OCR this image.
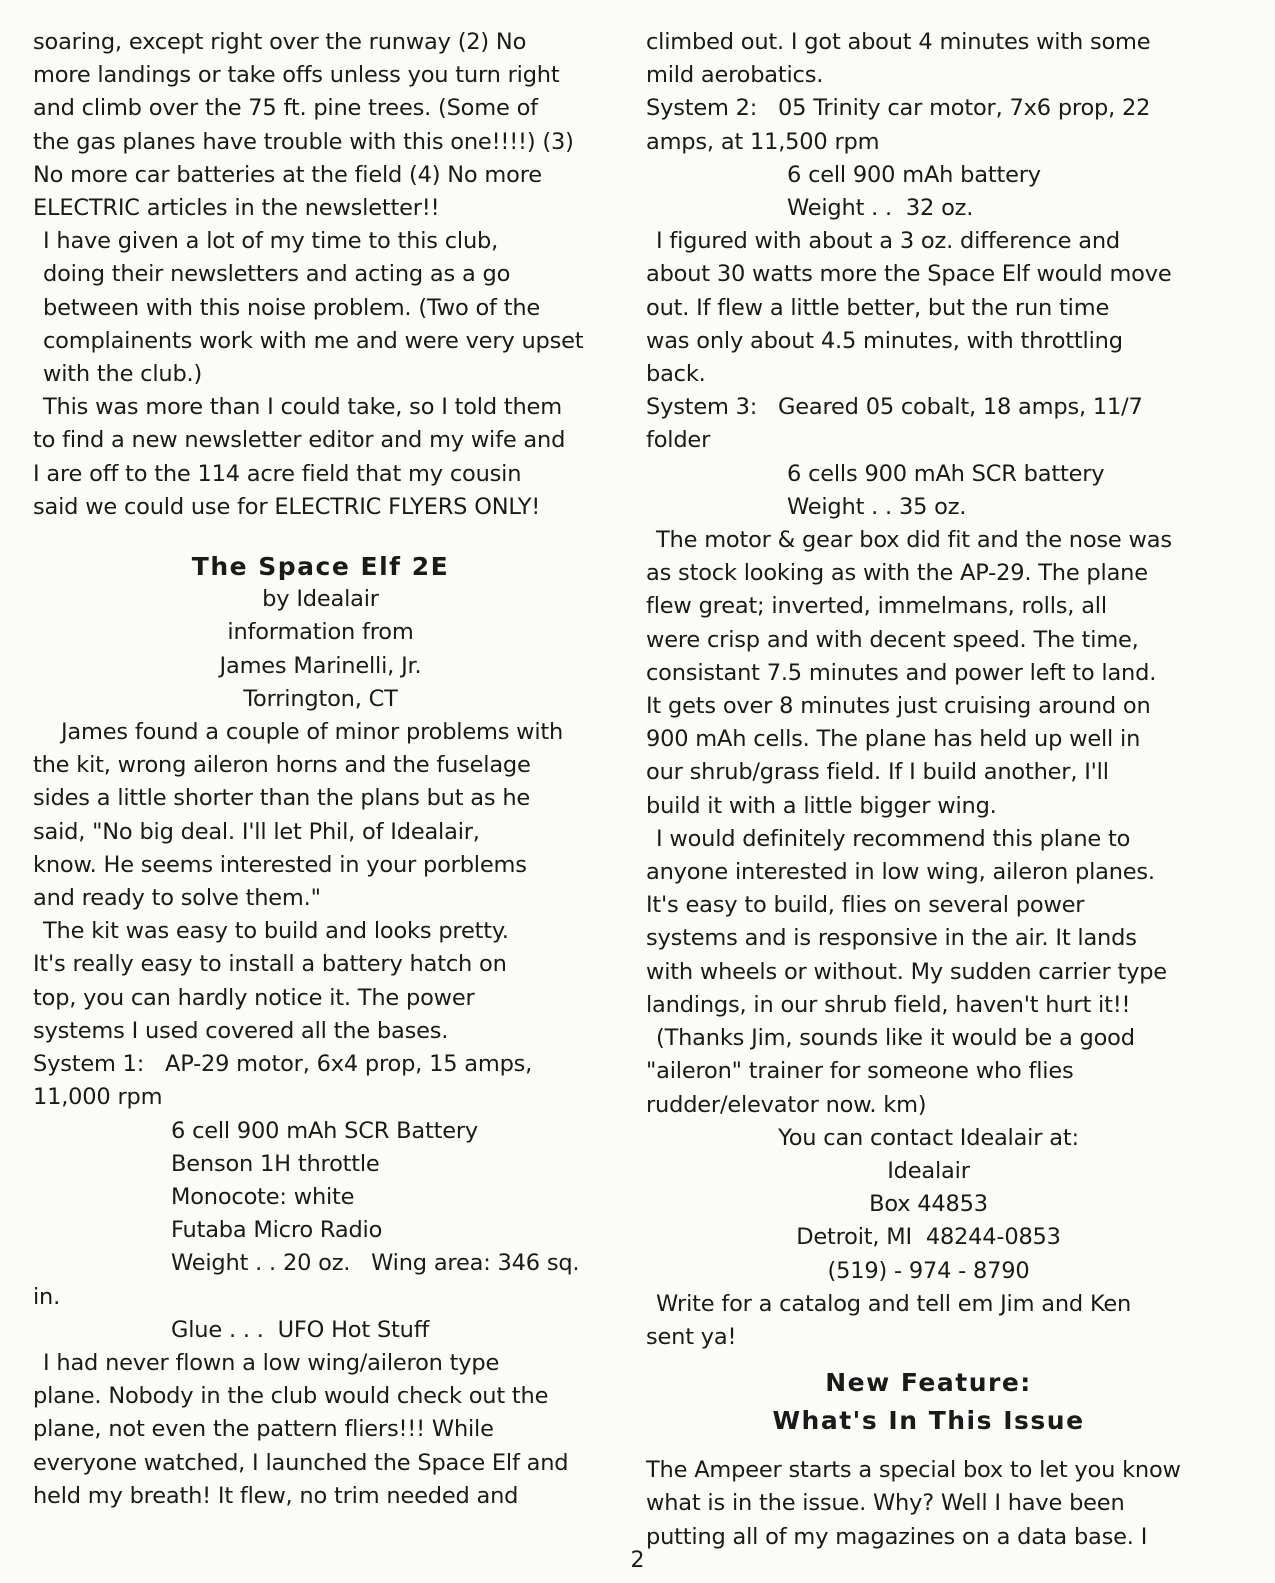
soaring, except right over the runway (2) No
more landings or take offs unless you turn right
and climb over the 75 ft. pine trees. (Some of
the gas planes have trouble with this one!!!!) (3)
No more car batteries at the field (4) No more
ELECTRIC articles in the newsletter!!

I have given a lot of my time to this club,
doing their newsletters and acting as a go
between with this noise problem. (Two of the
complainents work with me and were very upset
with the club.)

This was more than I could take, so I told them
to find a new newsletter editor and my wife and
I are off to the 114 acre field that my cousin
said we could use for ELECTRIC FLYERS ONLY!

The Space Elf 2E

by Idealair
information from
James Marinelli, Jr.
Torrington, CT

James found a couple of minor problems with
the kit, wrong aileron horns and the fuselage
sides a little shorter than the plans but as he
said, "No big deal. I'll let Phil, of Idealair,
know. He seems interested in your porblems
and ready to solve them."

The kit was easy to build and looks pretty.
It's really easy to install a battery hatch on
top, you can hardly notice it. The power
systems I used covered all the bases.

System 1:   AP-29 motor, 6x4 prop, 15 amps,
11,000 rpm

6 cell 900 mAh SCR Battery
Benson 1H throttle
Monocote: white
Futaba Micro Radio
Weight . . 20 oz.   Wing area: 346 sq.

in.

Glue . . .  UFO Hot Stuff

I had never flown a low wing/aileron type
plane. Nobody in the club would check out the
plane, not even the pattern fliers!!! While
everyone watched, I launched the Space Elf and
held my breath! It flew, no trim needed and

climbed out. I got about 4 minutes with some
mild aerobatics.

System 2:   05 Trinity car motor, 7x6 prop, 22
amps, at 11,500 rpm

6 cell 900 mAh battery
Weight . .  32 oz.

I figured with about a 3 oz. difference and
about 30 watts more the Space Elf would move
out. If flew a little better, but the run time
was only about 4.5 minutes, with throttling
back.

System 3:   Geared 05 cobalt, 18 amps, 11/7
folder

6 cells 900 mAh SCR battery
Weight . . 35 oz.

The motor & gear box did fit and the nose was
as stock looking as with the AP-29. The plane
flew great; inverted, immelmans, rolls, all
were crisp and with decent speed. The time,
consistant 7.5 minutes and power left to land.
It gets over 8 minutes just cruising around on
900 mAh cells. The plane has held up well in
our shrub/grass field. If I build another, I'll
build it with a little bigger wing.

I would definitely recommend this plane to
anyone interested in low wing, aileron planes.
It's easy to build, flies on several power
systems and is responsive in the air. It lands
with wheels or without. My sudden carrier type
landings, in our shrub field, haven't hurt it!!

(Thanks Jim, sounds like it would be a good
"aileron" trainer for someone who flies
rudder/elevator now. km)

You can contact Idealair at:
Idealair
Box 44853
Detroit, MI  48244-0853
(519) - 974 - 8790

Write for a catalog and tell em Jim and Ken
sent ya!

New Feature:
What's In This Issue

The Ampeer starts a special box to let you know
what is in the issue. Why? Well I have been
putting all of my magazines on a data base. I

2
